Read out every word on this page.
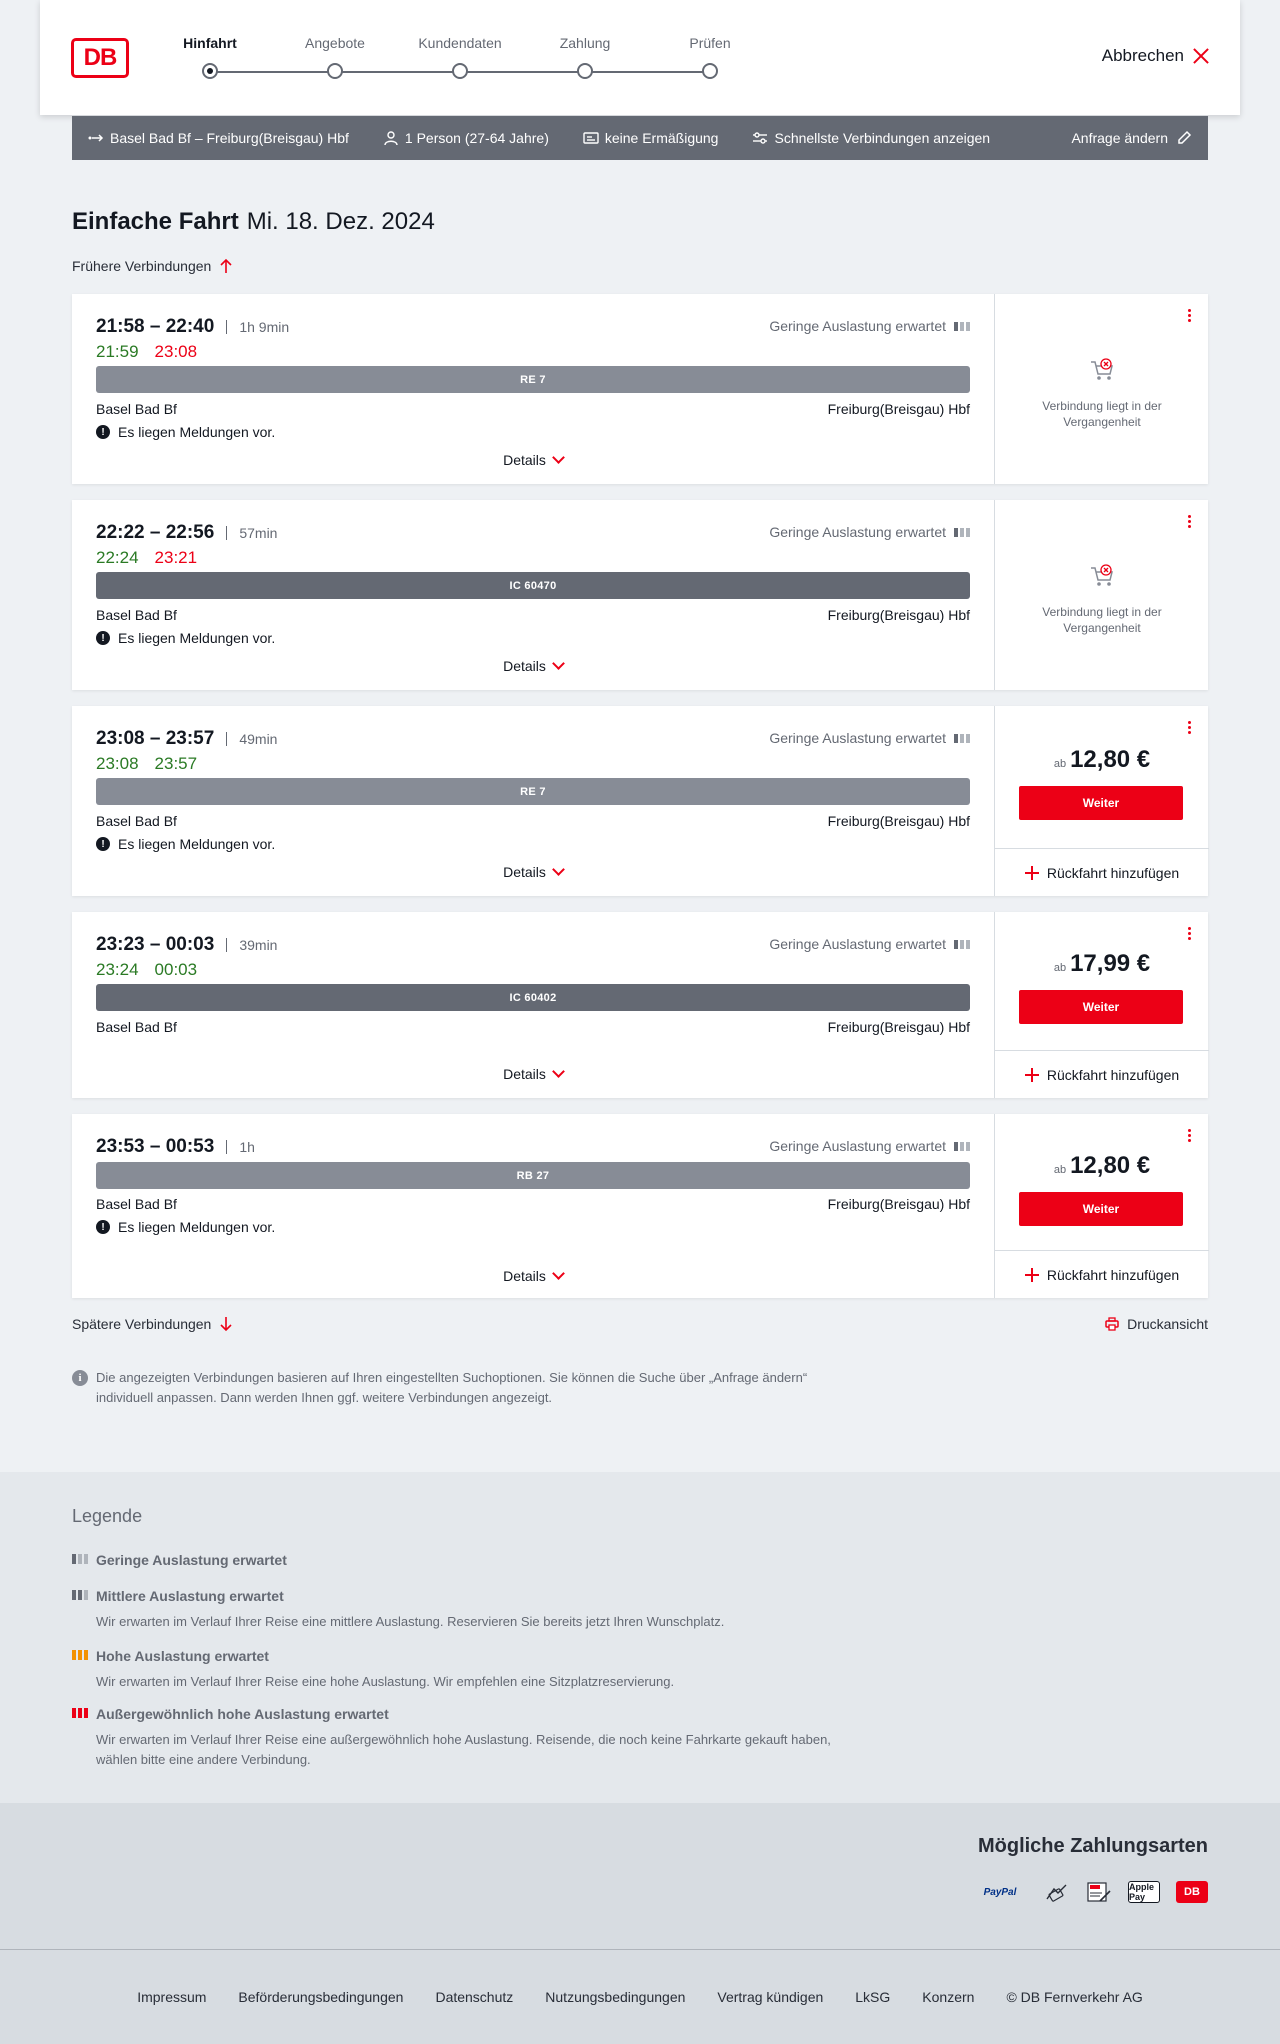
DB
Hinfahrt	Angebote	Kundendaten	Zahlung	Prüfen
Abbrechen
Basel Bad Bf – Freiburg(Breisgau) Hbf	1 Person (27-64 Jahre)	keine Ermäßigung	Schnellste Verbindungen anzeigen	Anfrage ändern
Einfache Fahrt Mi. 18. Dez. 2024
Frühere Verbindungen
21:58 – 22:40	1h 9min
21:59 23:08
Geringe Auslastung erwartet
RE 7
Basel Bad Bf	Freiburg(Breisgau) Hbf
! Es liegen Meldungen vor.
Details
Verbindung liegt in der Vergangenheit
22:22 – 22:56	57min
22:24 23:21
Geringe Auslastung erwartet
IC 60470
Basel Bad Bf	Freiburg(Breisgau) Hbf
! Es liegen Meldungen vor.
Details
Verbindung liegt in der Vergangenheit
23:08 – 23:57	49min
23:08 23:57
Geringe Auslastung erwartet
RE 7
Basel Bad Bf	Freiburg(Breisgau) Hbf
! Es liegen Meldungen vor.
Details
ab 12,80 €
Weiter
Rückfahrt hinzufügen
23:23 – 00:03	39min
23:24 00:03
Geringe Auslastung erwartet
IC 60402
Basel Bad Bf	Freiburg(Breisgau) Hbf
Details
ab 17,99 €
Weiter
Rückfahrt hinzufügen
23:53 – 00:53	1h	Geringe Auslastung erwartet
RB 27
Basel Bad Bf	Freiburg(Breisgau) Hbf
! Es liegen Meldungen vor.
Details
ab 12,80 €
Weiter
Rückfahrt hinzufügen
Spätere Verbindungen	Druckansicht
i	Die angezeigten Verbindungen basieren auf Ihren eingestellten Suchoptionen. Sie können die Suche über „Anfrage ändern“ individuell anpassen. Dann werden Ihnen ggf. weitere Verbindungen angezeigt.
Legende
Geringe Auslastung erwartet
Mittlere Auslastung erwartet
Wir erwarten im Verlauf Ihrer Reise eine mittlere Auslastung. Reservieren Sie bereits jetzt Ihren Wunschplatz.
Hohe Auslastung erwartet
Wir erwarten im Verlauf Ihrer Reise eine hohe Auslastung. Wir empfehlen eine Sitzplatzreservierung.
Außergewöhnlich hohe Auslastung erwartet
Wir erwarten im Verlauf Ihrer Reise eine außergewöhnlich hohe Auslastung. Reisende, die noch keine Fahrkarte gekauft haben, wählen bitte eine andere Verbindung.
Mögliche Zahlungsarten
PayPal	Apple Pay	DB
Impressum Beförderungsbedingungen Datenschutz Nutzungsbedingungen Vertrag kündigen LkSG Konzern © DB Fernverkehr AG
